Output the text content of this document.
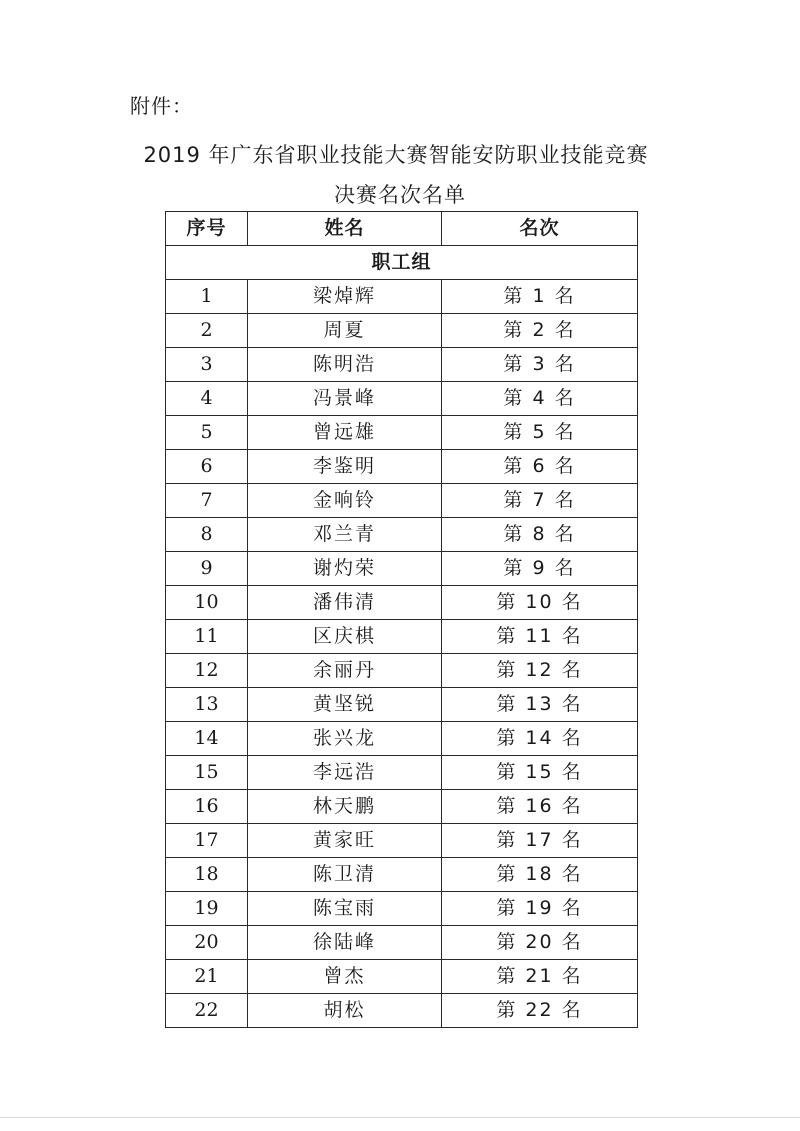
附件：
2019 年广东省职业技能大赛智能安防职业技能竞赛
决赛名次名单
序号	姓名	名次
职工组		
1	梁焯辉	第 1 名
2	周夏	第 2 名
3	陈明浩	第 3 名
4	冯景峰	第 4 名
5	曾远雄	第 5 名
6	李鉴明	第 6 名
7	金响铃	第 7 名
8	邓兰青	第 8 名
9	谢灼荣	第 9 名
10	潘伟清	第 10 名
11	区庆棋	第 11 名
12	余丽丹	第 12 名
13	黄坚锐	第 13 名
14	张兴龙	第 14 名
15	李远浩	第 15 名
16	林天鹏	第 16 名
17	黄家旺	第 17 名
18	陈卫清	第 18 名
19	陈宝雨	第 19 名
20	徐陆峰	第 20 名
21	曾杰	第 21 名
22	胡松	第 22 名
